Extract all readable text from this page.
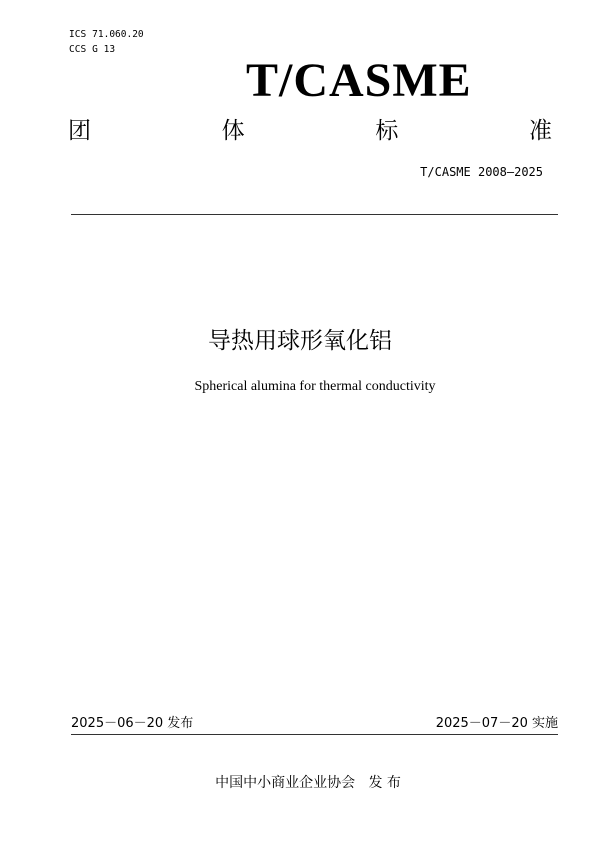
ICS 71.060.20
CCS G 13
T/CASME
团	体	标	准
T/CASME 2008—2025
导热用球形氧化铝
Spherical alumina for thermal conductivity
2025－06－20 发布	2025－07－20 实施
中国中小商业企业协会   发 布
